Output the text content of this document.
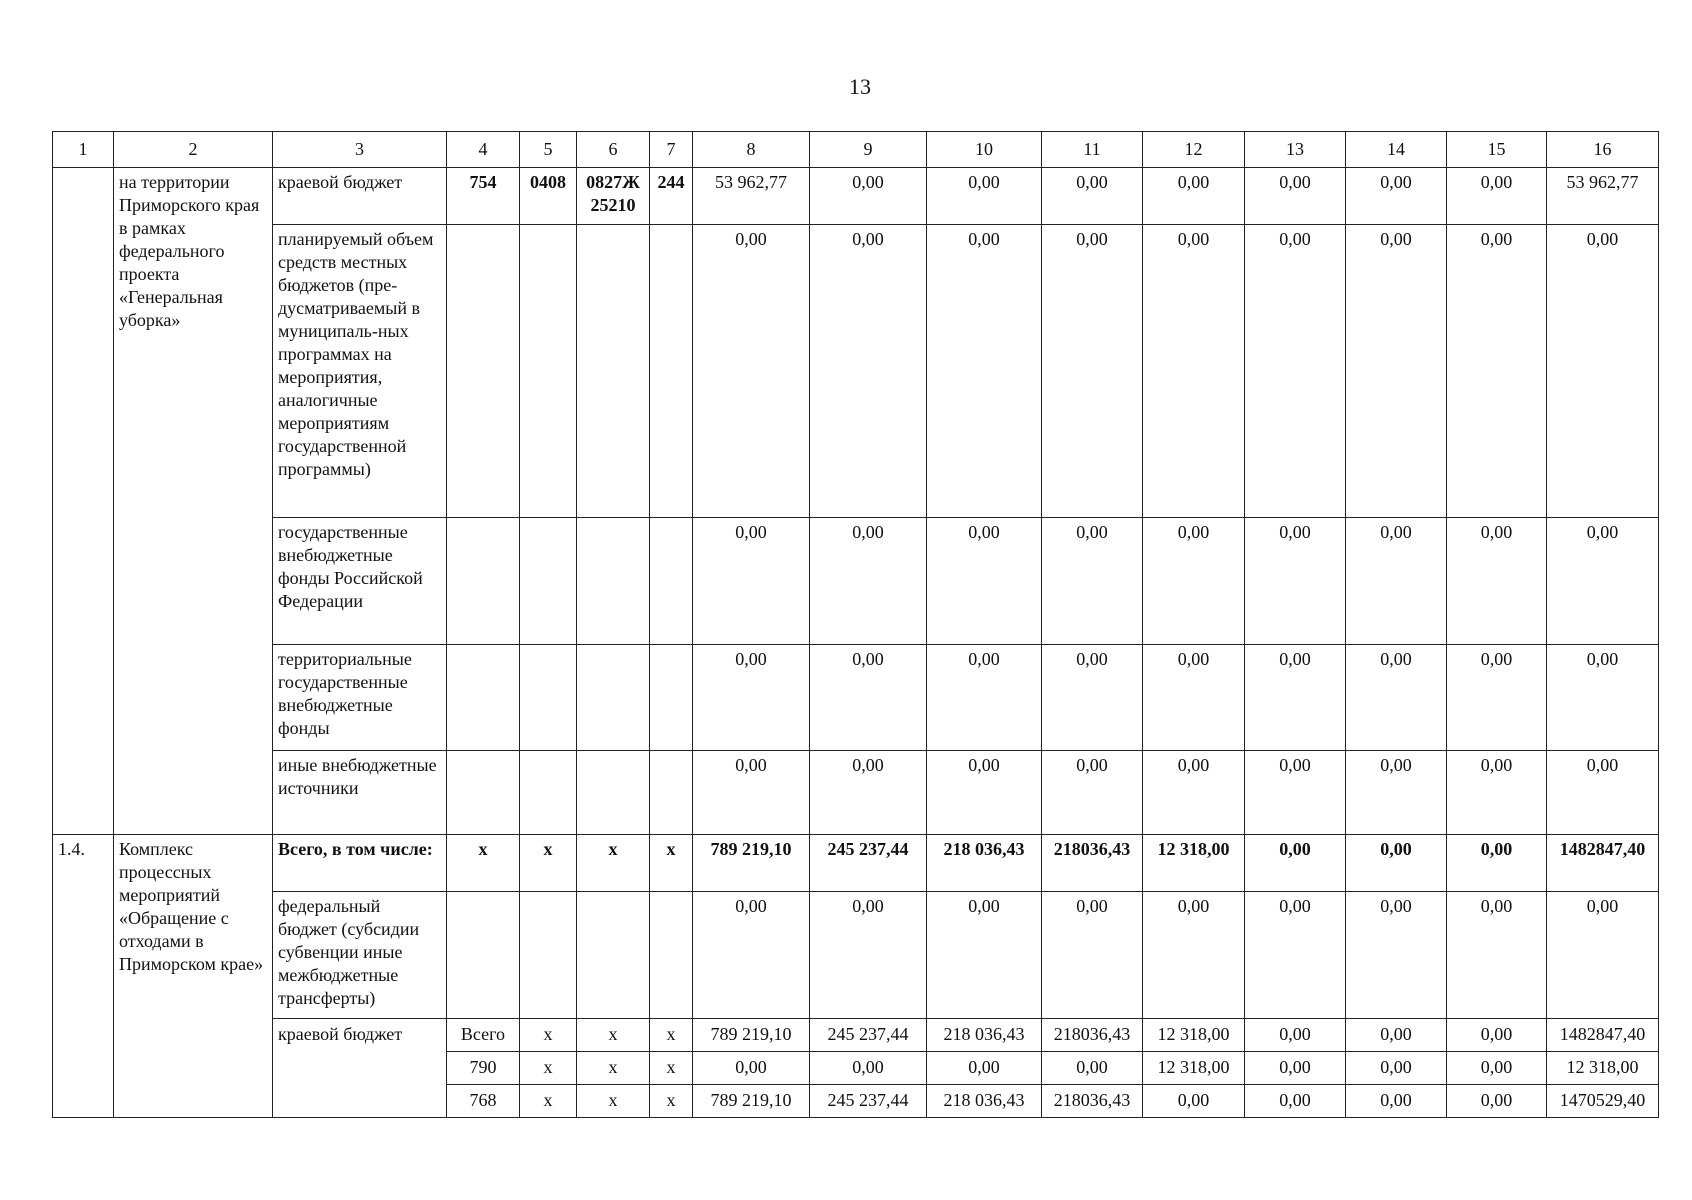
13
1	2	3	4	5	6	7	8	9	10	11	12	13	14	15	16
	на территории Приморского края в рамках федерального проекта «Генеральная уборка»	краевой бюджет	754	0408	0827Ж 25210	244	53 962,77	0,00	0,00	0,00	0,00	0,00	0,00	0,00	53 962,77
		планируемый объем средств местных бюджетов (пре-дусматриваемый в муниципаль-ных программах на мероприятия, аналогичные мероприятиям государственной программы)					0,00	0,00	0,00	0,00	0,00	0,00	0,00	0,00	0,00
		государственные внебюджетные фонды Российской Федерации					0,00	0,00	0,00	0,00	0,00	0,00	0,00	0,00	0,00
		территориальные государственные внебюджетные фонды					0,00	0,00	0,00	0,00	0,00	0,00	0,00	0,00	0,00
		иные внебюджетные источники					0,00	0,00	0,00	0,00	0,00	0,00	0,00	0,00	0,00
1.4.	Комплекс процессных мероприятий «Обращение с отходами в Приморском крае»	Всего, в том числе:	х	х	х	х	789 219,10	245 237,44	218 036,43	218036,43	12 318,00	0,00	0,00	0,00	1482847,40
		федеральный бюджет (субсидии субвенции иные межбюджетные трансферты)					0,00	0,00	0,00	0,00	0,00	0,00	0,00	0,00	0,00
		краевой бюджет	Всего	х	х	х	789 219,10	245 237,44	218 036,43	218036,43	12 318,00	0,00	0,00	0,00	1482847,40
			790	х	х	х	0,00	0,00	0,00	0,00	12 318,00	0,00	0,00	0,00	12 318,00
			768	х	х	х	789 219,10	245 237,44	218 036,43	218036,43	0,00	0,00	0,00	0,00	1470529,40
